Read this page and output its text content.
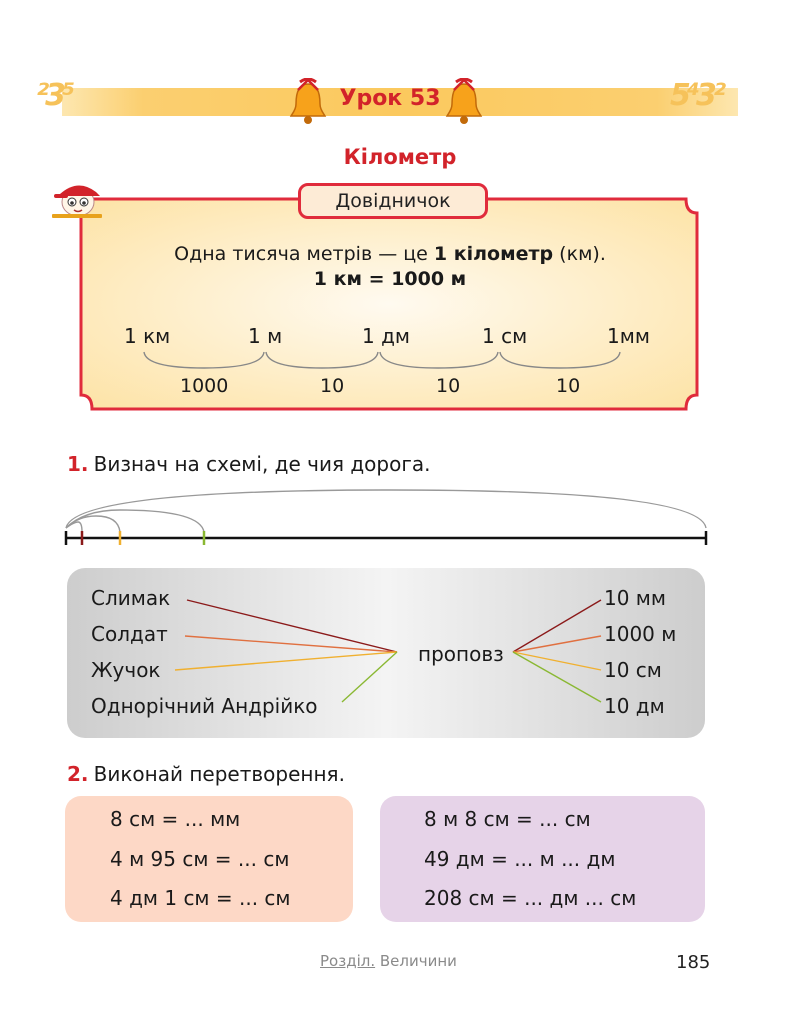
²3⁵	5⁴3²
Урок 53
Кілометр
Довідничок
Одна тисяча метрів — це 1 кілометр (км).
1 км = 1000 м
1 км	1 м	1 дм	1 см	1мм
1000	10	10	10
1. Визнач на схемі, де чия дорога.
Слимак
Солдат
Жучок
Однорічний Андрійко
проповз
10 мм
1000 м
10 см
10 дм
2. Виконай перетворення.
8 см = ... мм
4 м 95 см = ... см
4 дм 1 см = ... см
8 м 8 см = ... см
49 дм = ... м ... дм
208 см = ... дм ... см
Розділ. Величини	185
